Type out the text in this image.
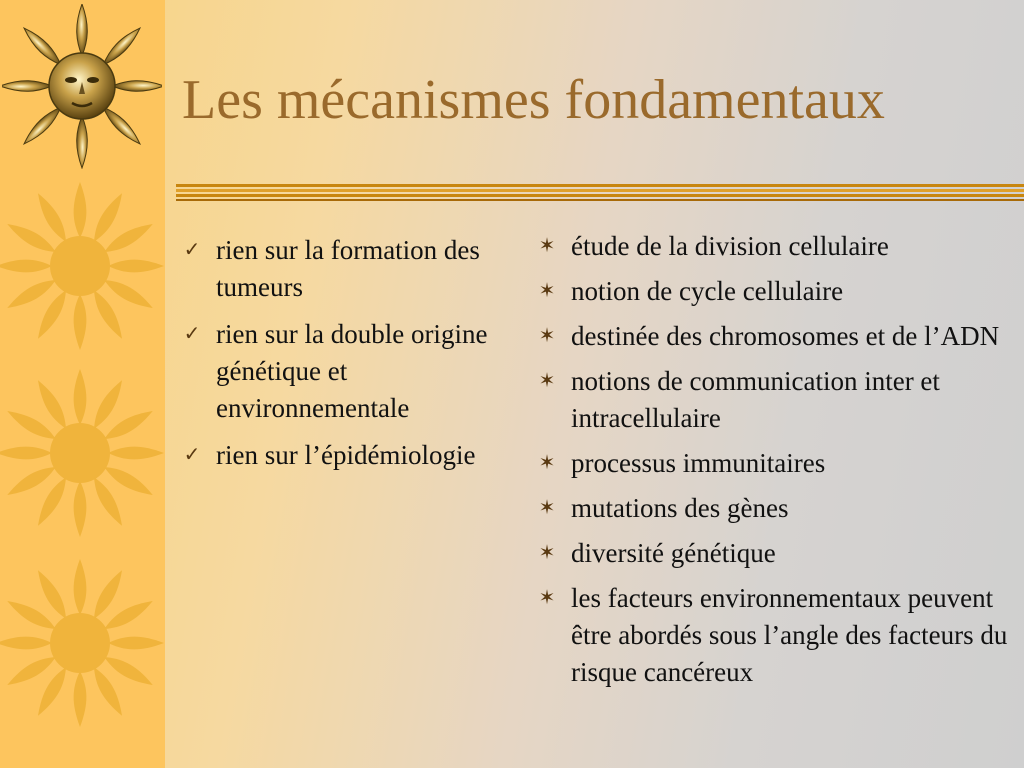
Les mécanismes fondamentaux
✓ rien sur la formation des tumeurs
✓ rien sur la double origine génétique et environnementale
✓ rien sur l’épidémiologie
✶ étude de la division cellulaire
✶ notion de cycle cellulaire
✶ destinée des chromosomes et de l’ADN
✶ notions de communication inter et intracellulaire
✶ processus immunitaires
✶ mutations des gènes
✶ diversité génétique
✶ les facteurs environnementaux peuvent être abordés sous l’angle des facteurs du risque cancéreux
